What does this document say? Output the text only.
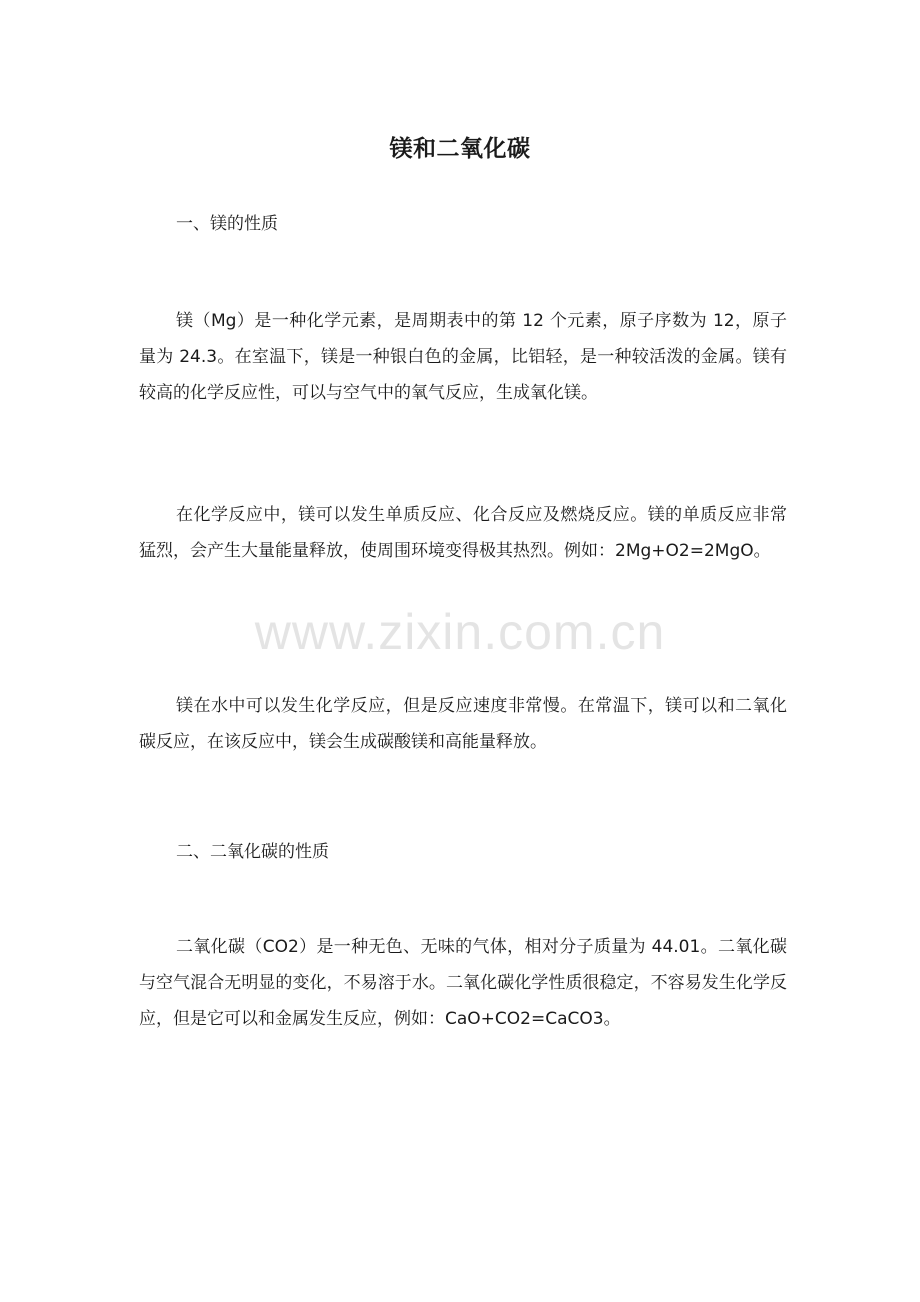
镁和二氧化碳
一、镁的性质

镁（Mg）是一种化学元素，是周期表中的第 12 个元素，原子序数为 12，原子量为 24.3。在室温下，镁是一种银白色的金属，比铝轻，是一种较活泼的金属。镁有较高的化学反应性，可以与空气中的氧气反应，生成氧化镁。

在化学反应中，镁可以发生单质反应、化合反应及燃烧反应。镁的单质反应非常猛烈，会产生大量能量释放，使周围环境变得极其热烈。例如：2Mg+O2=2MgO。

镁在水中可以发生化学反应，但是反应速度非常慢。在常温下，镁可以和二氧化碳反应，在该反应中，镁会生成碳酸镁和高能量释放。

二、二氧化碳的性质

二氧化碳（CO2）是一种无色、无味的气体，相对分子质量为 44.01。二氧化碳与空气混合无明显的变化，不易溶于水。二氧化碳化学性质很稳定，不容易发生化学反应，但是它可以和金属发生反应，例如：CaO+CO2=CaCO3。

www.zixin.com.cn
